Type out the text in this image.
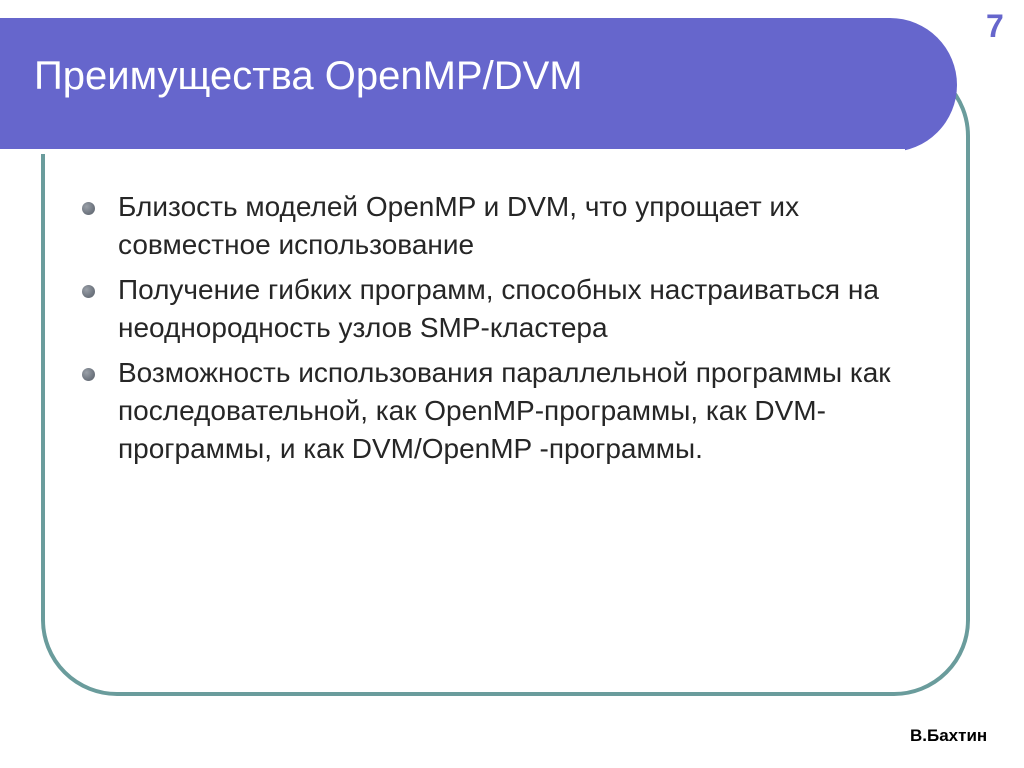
Преимущества OpenMP/DVM
7
Близость моделей OpenMP и DVM, что упрощает их совместное использование
Получение гибких программ, способных настраиваться на неоднородность узлов SMP-кластера
Возможность использования параллельной программы как последовательной, как OpenMP-программы, как DVM-программы, и как DVM/OpenMP -программы.
В.Бахтин
